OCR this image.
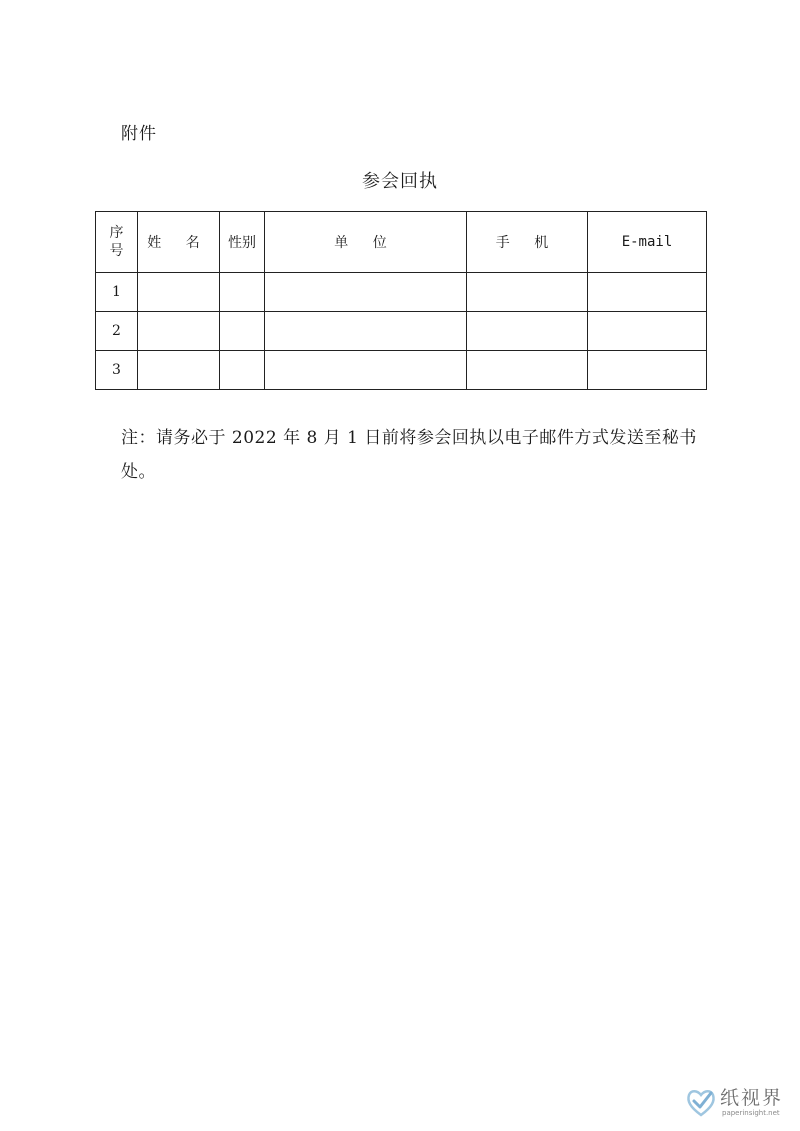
附件
参会回执
序
号	姓 名	性别	单 位	手 机	E-mail
1					
2					
3					
注：请务必于 2022 年 8 月 1 日前将参会回执以电子邮件方式发送至秘书处。
纸视界
paperinsight.net
